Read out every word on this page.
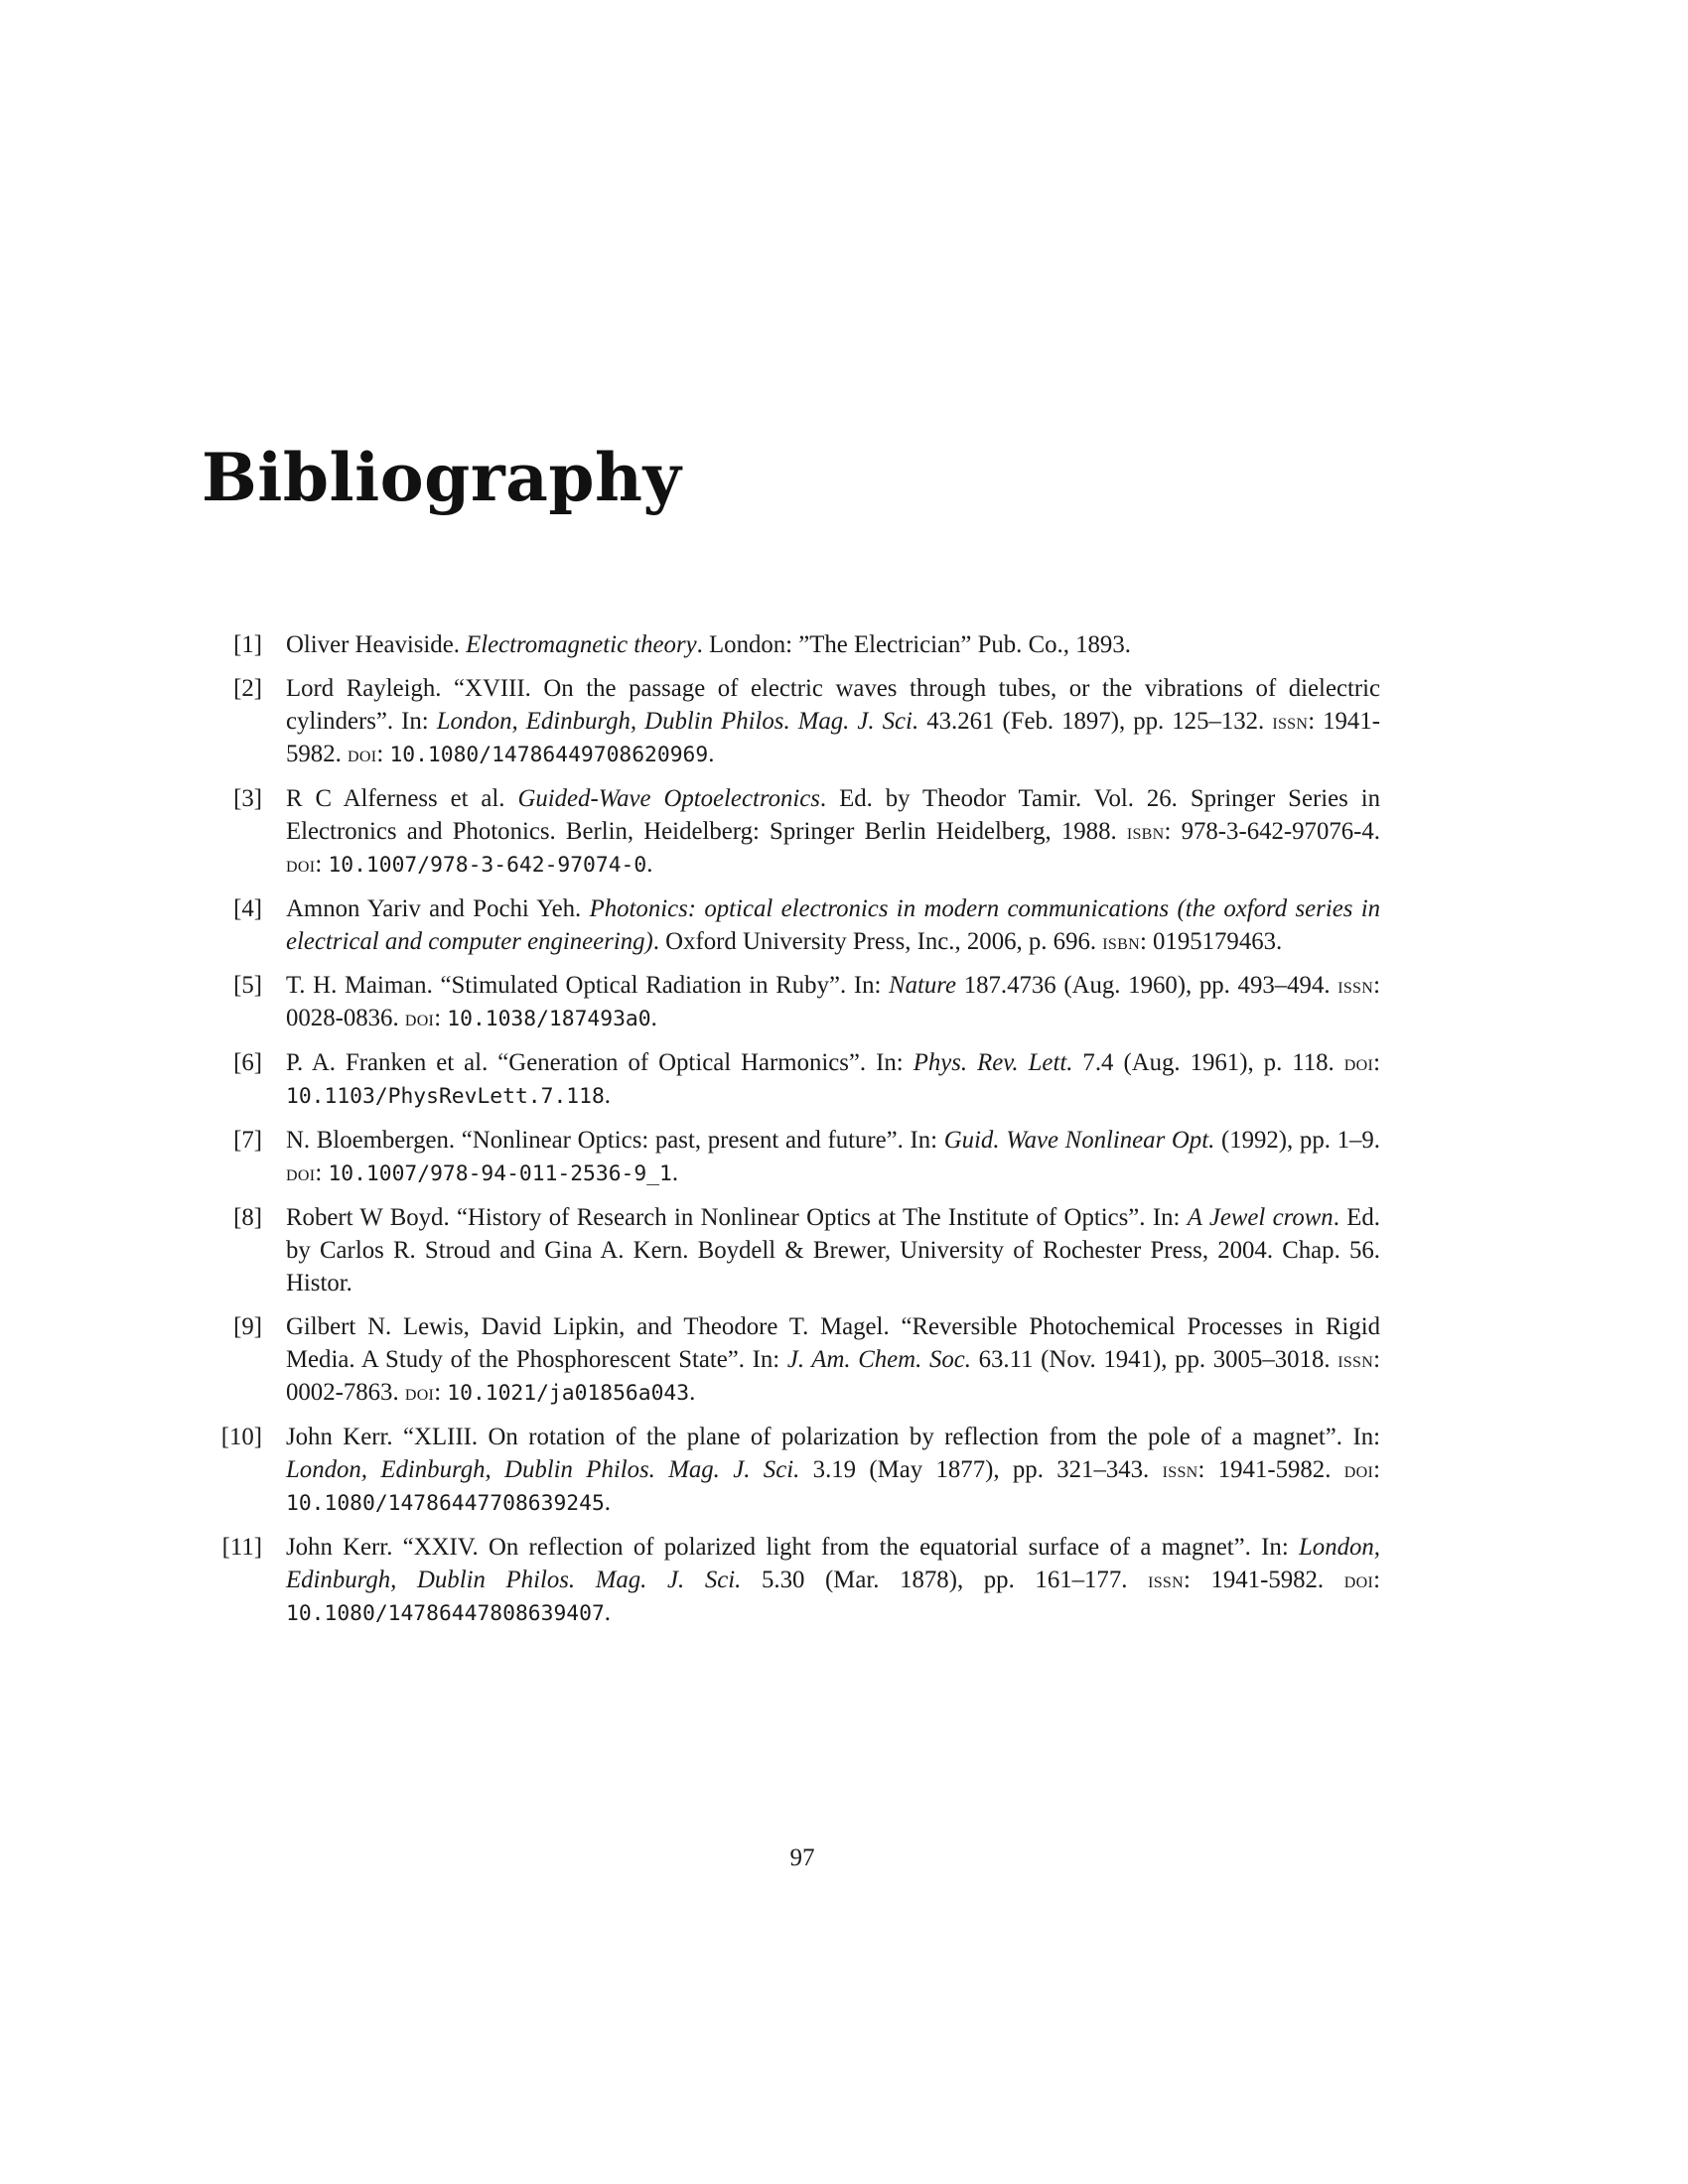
Bibliography
[1] Oliver Heaviside. Electromagnetic theory. London: ”The Electrician” Pub. Co., 1893.
[2] Lord Rayleigh. “XVIII. On the passage of electric waves through tubes, or the vibrations of dielectric cylinders”. In: London, Edinburgh, Dublin Philos. Mag. J. Sci. 43.261 (Feb. 1897), pp. 125–132. issn: 1941-5982. doi: 10.1080/14786449708620969.
[3] R C Alferness et al. Guided-Wave Optoelectronics. Ed. by Theodor Tamir. Vol. 26. Springer Series in Electronics and Photonics. Berlin, Heidelberg: Springer Berlin Heidelberg, 1988. isbn: 978-3-642-97076-4. doi: 10.1007/978-3-642-97074-0.
[4] Amnon Yariv and Pochi Yeh. Photonics: optical electronics in modern communications (the oxford series in electrical and computer engineering). Oxford University Press, Inc., 2006, p. 696. isbn: 0195179463.
[5] T. H. Maiman. “Stimulated Optical Radiation in Ruby”. In: Nature 187.4736 (Aug. 1960), pp. 493–494. issn: 0028-0836. doi: 10.1038/187493a0.
[6] P. A. Franken et al. “Generation of Optical Harmonics”. In: Phys. Rev. Lett. 7.4 (Aug. 1961), p. 118. doi: 10.1103/PhysRevLett.7.118.
[7] N. Bloembergen. “Nonlinear Optics: past, present and future”. In: Guid. Wave Nonlinear Opt. (1992), pp. 1–9. doi: 10.1007/978-94-011-2536-9_1.
[8] Robert W Boyd. “History of Research in Nonlinear Optics at The Institute of Optics”. In: A Jewel crown. Ed. by Carlos R. Stroud and Gina A. Kern. Boydell & Brewer, University of Rochester Press, 2004. Chap. 56. Histor.
[9] Gilbert N. Lewis, David Lipkin, and Theodore T. Magel. “Reversible Photochemical Processes in Rigid Media. A Study of the Phosphorescent State”. In: J. Am. Chem. Soc. 63.11 (Nov. 1941), pp. 3005–3018. issn: 0002-7863. doi: 10.1021/ja01856a043.
[10] John Kerr. “XLIII. On rotation of the plane of polarization by reflection from the pole of a magnet”. In: London, Edinburgh, Dublin Philos. Mag. J. Sci. 3.19 (May 1877), pp. 321–343. issn: 1941-5982. doi: 10.1080/14786447708639245.
[11] John Kerr. “XXIV. On reflection of polarized light from the equatorial surface of a magnet”. In: London, Edinburgh, Dublin Philos. Mag. J. Sci. 5.30 (Mar. 1878), pp. 161–177. issn: 1941-5982. doi: 10.1080/14786447808639407.
97
